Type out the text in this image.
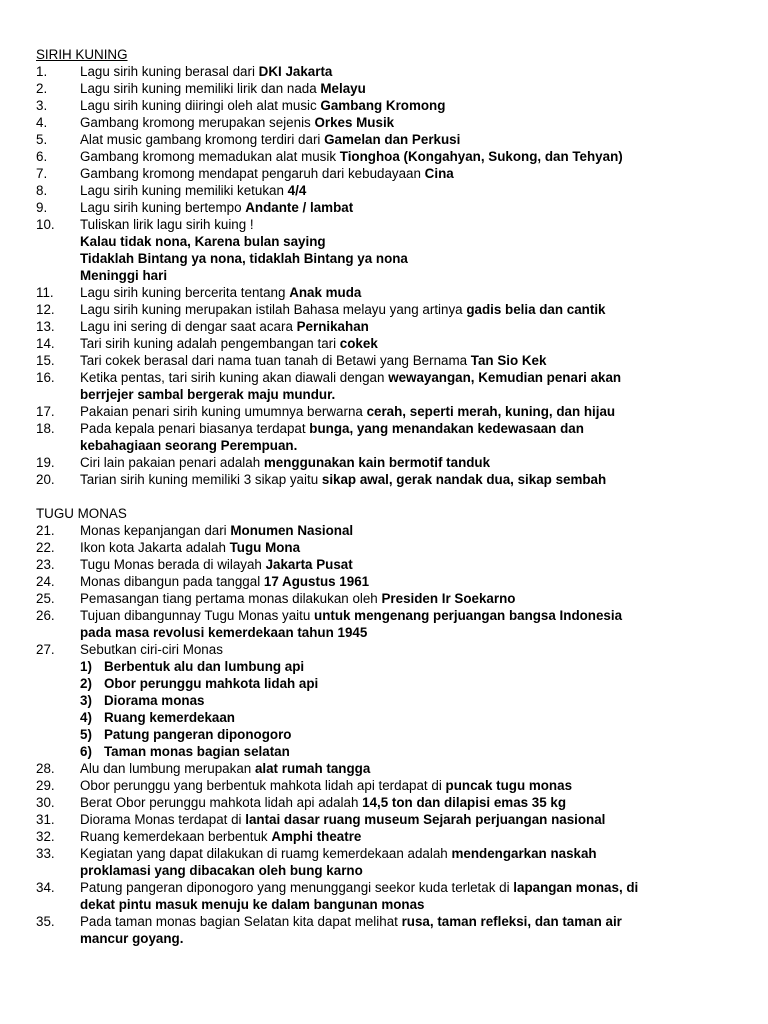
SIRIH KUNING
1. Lagu sirih kuning berasal dari DKI Jakarta
2. Lagu sirih kuning memiliki lirik dan nada Melayu
3. Lagu sirih kuning diiringi oleh alat music Gambang Kromong
4. Gambang kromong merupakan sejenis Orkes Musik
5. Alat music gambang kromong terdiri dari Gamelan dan Perkusi
6. Gambang kromong memadukan alat musik Tionghoa (Kongahyan, Sukong, dan Tehyan)
7. Gambang kromong mendapat pengaruh dari kebudayaan Cina
8. Lagu sirih kuning memiliki ketukan 4/4
9. Lagu sirih kuning bertempo Andante / lambat
10. Tuliskan lirik lagu sirih kuing !
Kalau tidak nona, Karena bulan saying
Tidaklah Bintang ya nona, tidaklah Bintang ya nona
Meninggi hari
11. Lagu sirih kuning bercerita tentang Anak muda
12. Lagu sirih kuning merupakan istilah Bahasa melayu yang artinya gadis belia dan cantik
13. Lagu ini sering di dengar saat acara Pernikahan
14. Tari sirih kuning adalah pengembangan tari cokek
15. Tari cokek berasal dari nama tuan tanah di Betawi yang Bernama Tan Sio Kek
16. Ketika pentas, tari sirih kuning akan diawali dengan wewayangan, Kemudian penari akan
berrjejer sambal bergerak maju mundur.
17. Pakaian penari sirih kuning umumnya berwarna cerah, seperti merah, kuning, dan hijau
18. Pada kepala penari biasanya terdapat bunga, yang menandakan kedewasaan dan
kebahagiaan seorang Perempuan.
19. Ciri lain pakaian penari adalah menggunakan kain bermotif tanduk
20. Tarian sirih kuning memiliki 3 sikap yaitu sikap awal, gerak nandak dua, sikap sembah
TUGU MONAS
21. Monas kepanjangan dari Monumen Nasional
22. Ikon kota Jakarta adalah Tugu Mona
23. Tugu Monas berada di wilayah Jakarta Pusat
24. Monas dibangun pada tanggal 17 Agustus 1961
25. Pemasangan tiang pertama monas dilakukan oleh Presiden Ir Soekarno
26. Tujuan dibangunnay Tugu Monas yaitu untuk mengenang perjuangan bangsa Indonesia
pada masa revolusi kemerdekaan tahun 1945
27. Sebutkan ciri-ciri Monas
1) Berbentuk alu dan lumbung api
2) Obor perunggu mahkota lidah api
3) Diorama monas
4) Ruang kemerdekaan
5) Patung pangeran diponogoro
6) Taman monas bagian selatan
28. Alu dan lumbung merupakan alat rumah tangga
29. Obor perunggu yang berbentuk mahkota lidah api terdapat di puncak tugu monas
30. Berat Obor perunggu mahkota lidah api adalah 14,5 ton dan dilapisi emas 35 kg
31. Diorama Monas terdapat di lantai dasar ruang museum Sejarah perjuangan nasional
32. Ruang kemerdekaan berbentuk Amphi theatre
33. Kegiatan yang dapat dilakukan di ruamg kemerdekaan adalah mendengarkan naskah
proklamasi yang dibacakan oleh bung karno
34. Patung pangeran diponogoro yang menunggangi seekor kuda terletak di lapangan monas, di
dekat pintu masuk menuju ke dalam bangunan monas
35. Pada taman monas bagian Selatan kita dapat melihat rusa, taman refleksi, dan taman air
mancur goyang.
